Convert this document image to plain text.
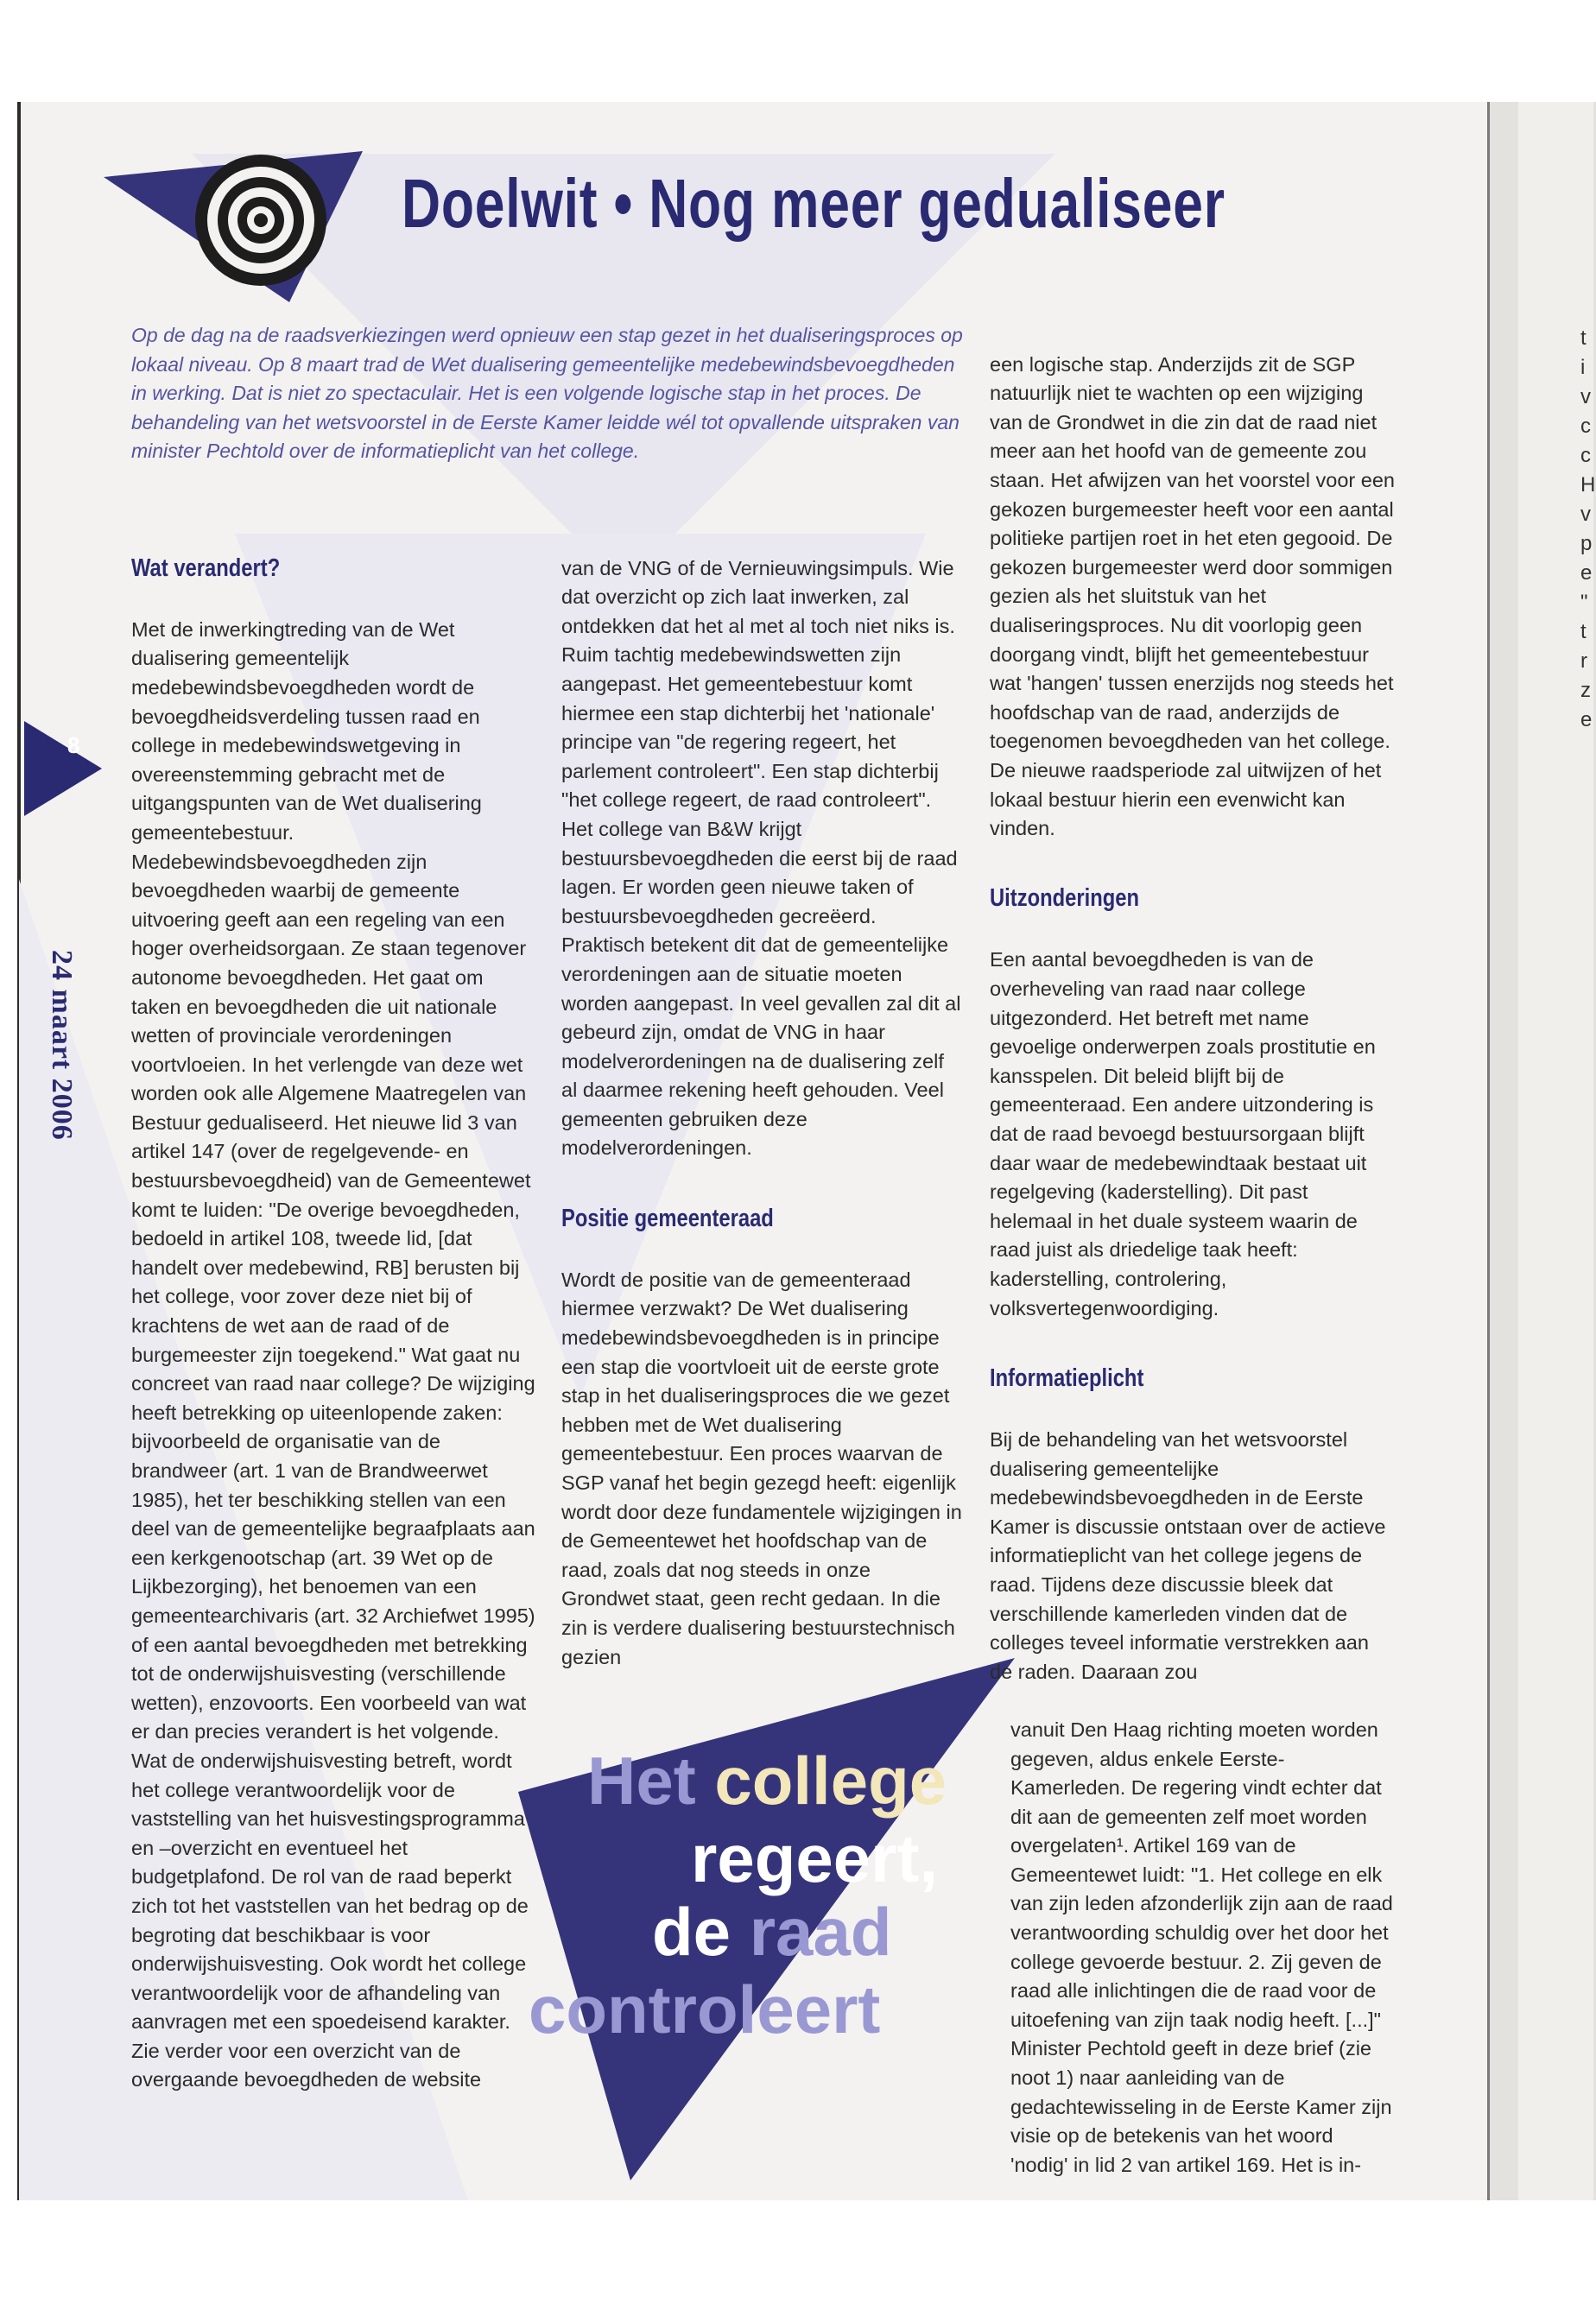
Doelwit • Nog meer gedualiseer
Op de dag na de raadsverkiezingen werd opnieuw een stap gezet in het dualiseringsproces op lokaal niveau. Op 8 maart trad de Wet dualisering gemeentelijke medebewindsbevoegdheden in werking. Dat is niet zo spectaculair. Het is een volgende logische stap in het proces. De behandeling van het wetsvoorstel in de Eerste Kamer leidde wél tot opvallende uitspraken van minister Pechtold over de informatieplicht van het college.
8
24 maart 2006

Wat verandert?

Met de inwerkingtreding van de Wet dualisering gemeentelijk medebewindsbevoegdheden wordt de bevoegdheidsverdeling tussen raad en college in medebewindswetgeving in overeenstemming gebracht met de uitgangspunten van de Wet dualisering gemeentebestuur. Medebewindsbevoegdheden zijn bevoegdheden waarbij de gemeente uitvoering geeft aan een regeling van een hoger overheidsorgaan. Ze staan tegenover autonome bevoegdheden. Het gaat om taken en bevoegdheden die uit nationale wetten of provinciale verordeningen voortvloeien. In het verlengde van deze wet worden ook alle Algemene Maatregelen van Bestuur gedualiseerd. Het nieuwe lid 3 van artikel 147 (over de regelgevende- en bestuursbevoegdheid) van de Gemeentewet komt te luiden: "De overige bevoegdheden, bedoeld in artikel 108, tweede lid, [dat handelt over medebewind, RB] berusten bij het college, voor zover deze niet bij of krachtens de wet aan de raad of de burgemeester zijn toegekend." Wat gaat nu concreet van raad naar college? De wijziging heeft betrekking op uiteenlopende zaken: bijvoorbeeld de organisatie van de brandweer (art. 1 van de Brandweerwet 1985), het ter beschikking stellen van een deel van de gemeentelijke begraafplaats aan een kerkgenootschap (art. 39 Wet op de Lijkbezorging), het benoemen van een gemeentearchivaris (art. 32 Archiefwet 1995) of een aantal bevoegdheden met betrekking tot de onderwijshuisvesting (verschillende wetten), enzovoorts. Een voorbeeld van wat er dan precies verandert is het volgende. Wat de onderwijshuisvesting betreft, wordt het college verantwoordelijk voor de vaststelling van het huisvestingsprogramma en –overzicht en eventueel het budgetplafond. De rol van de raad beperkt zich tot het vaststellen van het bedrag op de begroting dat beschikbaar is voor onderwijshuisvesting. Ook wordt het college verantwoordelijk voor de afhandeling van aanvragen met een spoedeisend karakter. Zie verder voor een overzicht van de overgaande bevoegdheden de website

van de VNG of de Vernieuwingsimpuls. Wie dat overzicht op zich laat inwerken, zal ontdekken dat het al met al toch niet niks is. Ruim tachtig medebewindswetten zijn aangepast. Het gemeentebestuur komt hiermee een stap dichterbij het 'nationale' principe van "de regering regeert, het parlement controleert". Een stap dichterbij "het college regeert, de raad controleert". Het college van B&W krijgt bestuursbevoegdheden die eerst bij de raad lagen. Er worden geen nieuwe taken of bestuursbevoegdheden gecreëerd. Praktisch betekent dit dat de gemeentelijke verordeningen aan de situatie moeten worden aangepast. In veel gevallen zal dit al gebeurd zijn, omdat de VNG in haar modelverordeningen na de dualisering zelf al daarmee rekening heeft gehouden. Veel gemeenten gebruiken deze modelverordeningen.

Positie gemeenteraad

Wordt de positie van de gemeenteraad hiermee verzwakt? De Wet dualisering medebewindsbevoegdheden is in principe een stap die voortvloeit uit de eerste grote stap in het dualiseringsproces die we gezet hebben met de Wet dualisering gemeentebestuur. Een proces waarvan de SGP vanaf het begin gezegd heeft: eigenlijk wordt door deze fundamentele wijzigingen in de Gemeentewet het hoofdschap van de raad, zoals dat nog steeds in onze Grondwet staat, geen recht gedaan. In die zin is verdere dualisering bestuurstechnisch gezien

een logische stap. Anderzijds zit de SGP natuurlijk niet te wachten op een wijziging van de Grondwet in die zin dat de raad niet meer aan het hoofd van de gemeente zou staan. Het afwijzen van het voorstel voor een gekozen burgemeester heeft voor een aantal politieke partijen roet in het eten gegooid. De gekozen burgemeester werd door sommigen gezien als het sluitstuk van het dualiseringsproces. Nu dit voorlopig geen doorgang vindt, blijft het gemeentebestuur wat 'hangen' tussen enerzijds nog steeds het hoofdschap van de raad, anderzijds de toegenomen bevoegdheden van het college. De nieuwe raadsperiode zal uitwijzen of het lokaal bestuur hierin een evenwicht kan vinden.

Uitzonderingen

Een aantal bevoegdheden is van de overheveling van raad naar college uitgezonderd. Het betreft met name gevoelige onderwerpen zoals prostitutie en kansspelen. Dit beleid blijft bij de gemeenteraad. Een andere uitzondering is dat de raad bevoegd bestuursorgaan blijft daar waar de medebewindtaak bestaat uit regelgeving (kaderstelling). Dit past helemaal in het duale systeem waarin de raad juist als driedelige taak heeft: kaderstelling, controlering, volksvertegenwoordiging.

Informatieplicht

Bij de behandeling van het wetsvoorstel dualisering gemeentelijke medebewindsbevoegdheden in de Eerste Kamer is discussie ontstaan over de actieve informatieplicht van het college jegens de raad. Tijdens deze discussie bleek dat verschillende kamerleden vinden dat de colleges teveel informatie verstrekken aan de raden. Daaraan zou

vanuit Den Haag richting moeten worden gegeven, aldus enkele Eerste-Kamerleden. De regering vindt echter dat dit aan de gemeenten zelf moet worden overgelaten¹. Artikel 169 van de Gemeentewet luidt: "1. Het college en elk van zijn leden afzonderlijk zijn aan de raad verantwoording schuldig over het door het college gevoerde bestuur. 2. Zij geven de raad alle inlichtingen die de raad voor de uitoefening van zijn taak nodig heeft. [...]" Minister Pechtold geeft in deze brief (zie noot 1) naar aanleiding van de gedachtewisseling in de Eerste Kamer zijn visie op de betekenis van het woord 'nodig' in lid 2 van artikel 169. Het is in-

Het college
regeert,
de raad
controleert
t
i
v
c
c
H
v
p
e
"
t
r
z
e
